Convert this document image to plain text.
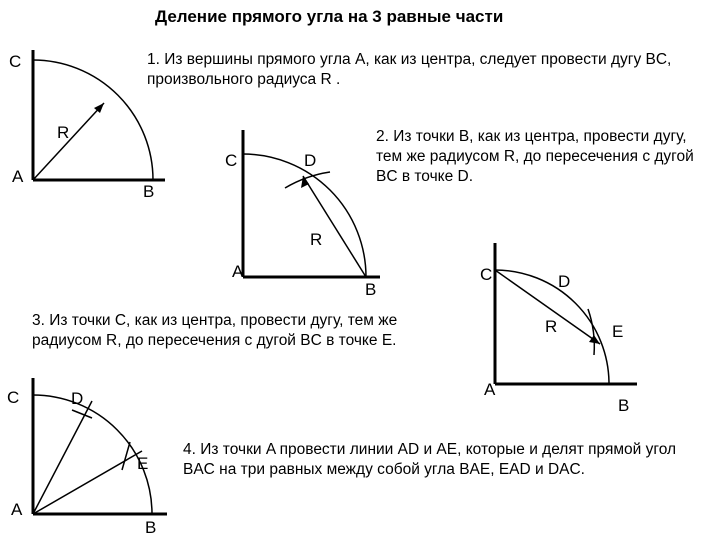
Деление прямого угла на 3 равные части
1. Из вершины прямого угла A, как из центра, следует провести дугу BC, произвольного радиуса R .
2. Из точки B, как из центра, провести дугу, тем же радиусом R, до пересечения с дугой BC в точке D.
3. Из точки C, как из центра, провести дугу, тем же радиусом R, до пересечения с дугой BC в точке E.
4. Из точки A провести линии AD и AE, которые и делят прямой угол BAC на три равных между собой угла BAE, EAD и DAC.
C
A
B
R
C	D
A
R
B
C	D
R	E
A
B
C	D
E
A
B
